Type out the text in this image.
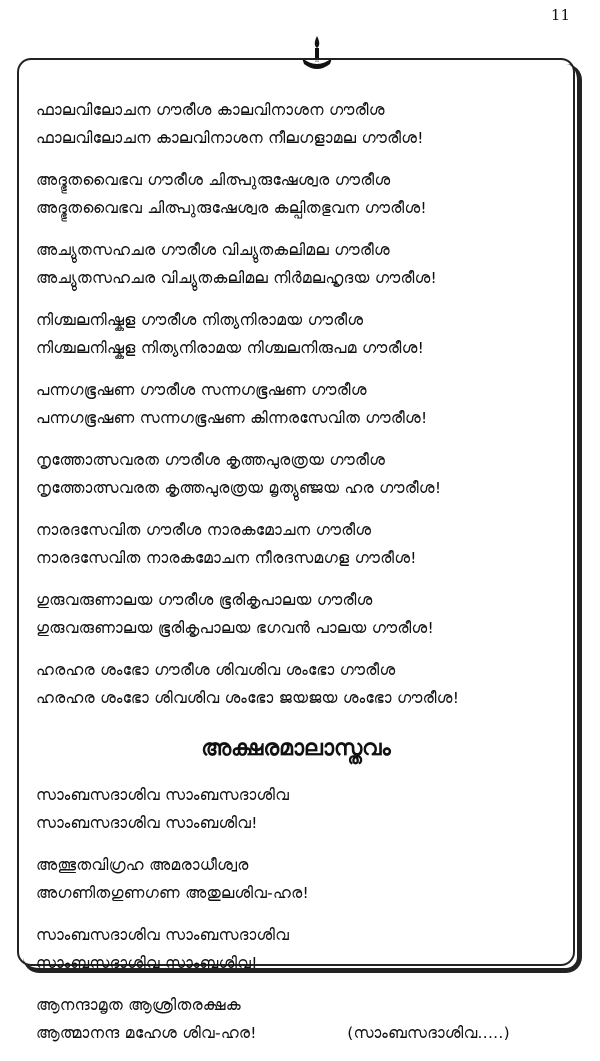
11
ഫാലവിലോചന ഗൗരീശ കാലവിനാശന ഗൗരീശ
ഫാലവിലോചന കാലവിനാശന നീലഗളാമല ഗൗരീശ!
അദ്ഭുതവൈഭവ ഗൗരീശ ചിത്പുരുഷേശ്വര ഗൗരീശ
അദ്ഭുതവൈഭവ ചിത്പുരുഷേശ്വര കല്പിതഭുവന ഗൗരീശ!
അച്യുതസഹചര ഗൗരീശ വിച്യുതകലിമല ഗൗരീശ
അച്യുതസഹചര വിച്യുതകലിമല നിർമലഹൃദയ ഗൗരീശ!
നിശ്ചലനിഷ്കള ഗൗരീശ നിത്യനിരാമയ ഗൗരീശ
നിശ്ചലനിഷ്കള നിത്യനിരാമയ നിശ്ചലനിരുപമ ഗൗരീശ!
പന്നഗഭൂഷണ ഗൗരീശ സന്നഗഭൂഷണ ഗൗരീശ
പന്നഗഭൂഷണ സന്നഗഭൂഷണ കിന്നരസേവിത ഗൗരീശ!
നൃത്തോത്സവരത ഗൗരീശ കൃത്തപുരത്രയ ഗൗരീശ
നൃത്തോത്സവരത കൃത്തപുരത്രയ മൃത്യുഞ്ജയ ഹര ഗൗരീശ!
നാരദസേവിത ഗൗരീശ നാരകമോചന ഗൗരീശ
നാരദസേവിത നാരകമോചന നീരദസമഗള ഗൗരീശ!
ഗുരുവരുണാലയ ഗൗരീശ ഭൂരികൃപാലയ ഗൗരീശ
ഗുരുവരുണാലയ ഭൂരികൃപാലയ ഭഗവൻ പാലയ ഗൗരീശ!
ഹരഹര ശംഭോ ഗൗരീശ ശിവശിവ ശംഭോ ഗൗരീശ
ഹരഹര ശംഭോ ശിവശിവ ശംഭോ ജയജയ ശംഭോ ഗൗരീശ!
അക്ഷരമാലാസ്തവം
സാംബസദാശിവ സാംബസദാശിവ
സാംബസദാശിവ സാംബശിവ!
അത്ഭുതവിഗ്രഹ അമരാധീശ്വര
അഗണിതഗുണഗണ അതുലശിവ-ഹര!
സാംബസദാശിവ സാംബസദാശിവ
സാംബസദാശിവ സാംബശിവ!
ആനന്ദാമൃത ആശ്രിതരക്ഷക
ആത്മാനന്ദ മഹേശ ശിവ-ഹര!	(സാംബസദാശിവ.....)
